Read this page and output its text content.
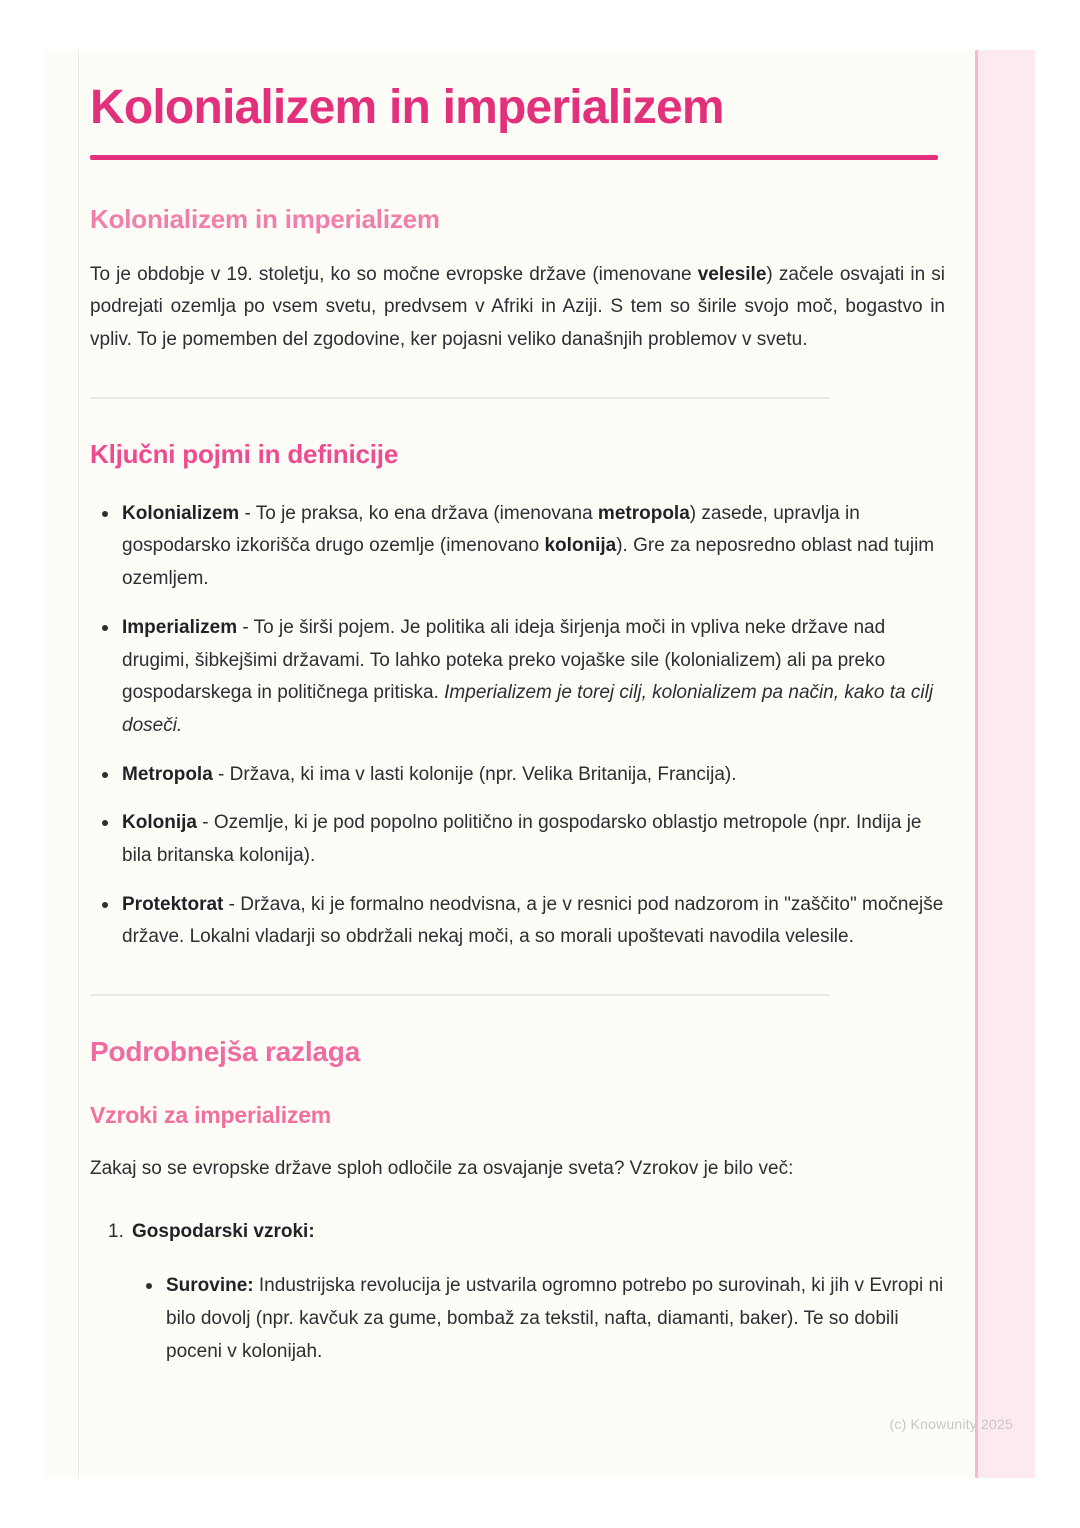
Kolonializem in imperializem
Kolonializem in imperializem

To je obdobje v 19. stoletju, ko so močne evropske države (imenovane velesile) začele osvajati in si podrejati ozemlja po vsem svetu, predvsem v Afriki in Aziji. S tem so širile svojo moč, bogastvo in vpliv. To je pomemben del zgodovine, ker pojasni veliko današnjih problemov v svetu.

Ključni pojmi in definicije
Kolonializem - To je praksa, ko ena država (imenovana metropola) zasede, upravlja in gospodarsko izkorišča drugo ozemlje (imenovano kolonija). Gre za neposredno oblast nad tujim ozemljem.
Imperializem - To je širši pojem. Je politika ali ideja širjenja moči in vpliva neke države nad drugimi, šibkejšimi državami. To lahko poteka preko vojaške sile (kolonializem) ali pa preko gospodarskega in političnega pritiska. Imperializem je torej cilj, kolonializem pa način, kako ta cilj doseči.
Metropola - Država, ki ima v lasti kolonije (npr. Velika Britanija, Francija).
Kolonija - Ozemlje, ki je pod popolno politično in gospodarsko oblastjo metropole (npr. Indija je bila britanska kolonija).
Protektorat - Država, ki je formalno neodvisna, a je v resnici pod nadzorom in "zaščito" močnejše države. Lokalni vladarji so obdržali nekaj moči, a so morali upoštevati navodila velesile.
Podrobnejša razlaga
Vzroki za imperializem

Zakaj so se evropske države sploh odločile za osvajanje sveta? Vzrokov je bilo več:

Gospodarski vzroki:
Surovine: Industrijska revolucija je ustvarila ogromno potrebo po surovinah, ki jih v Evropi ni bilo dovolj (npr. kavčuk za gume, bombaž za tekstil, nafta, diamanti, baker). Te so dobili poceni v kolonijah.
(c) Knowunity 2025
